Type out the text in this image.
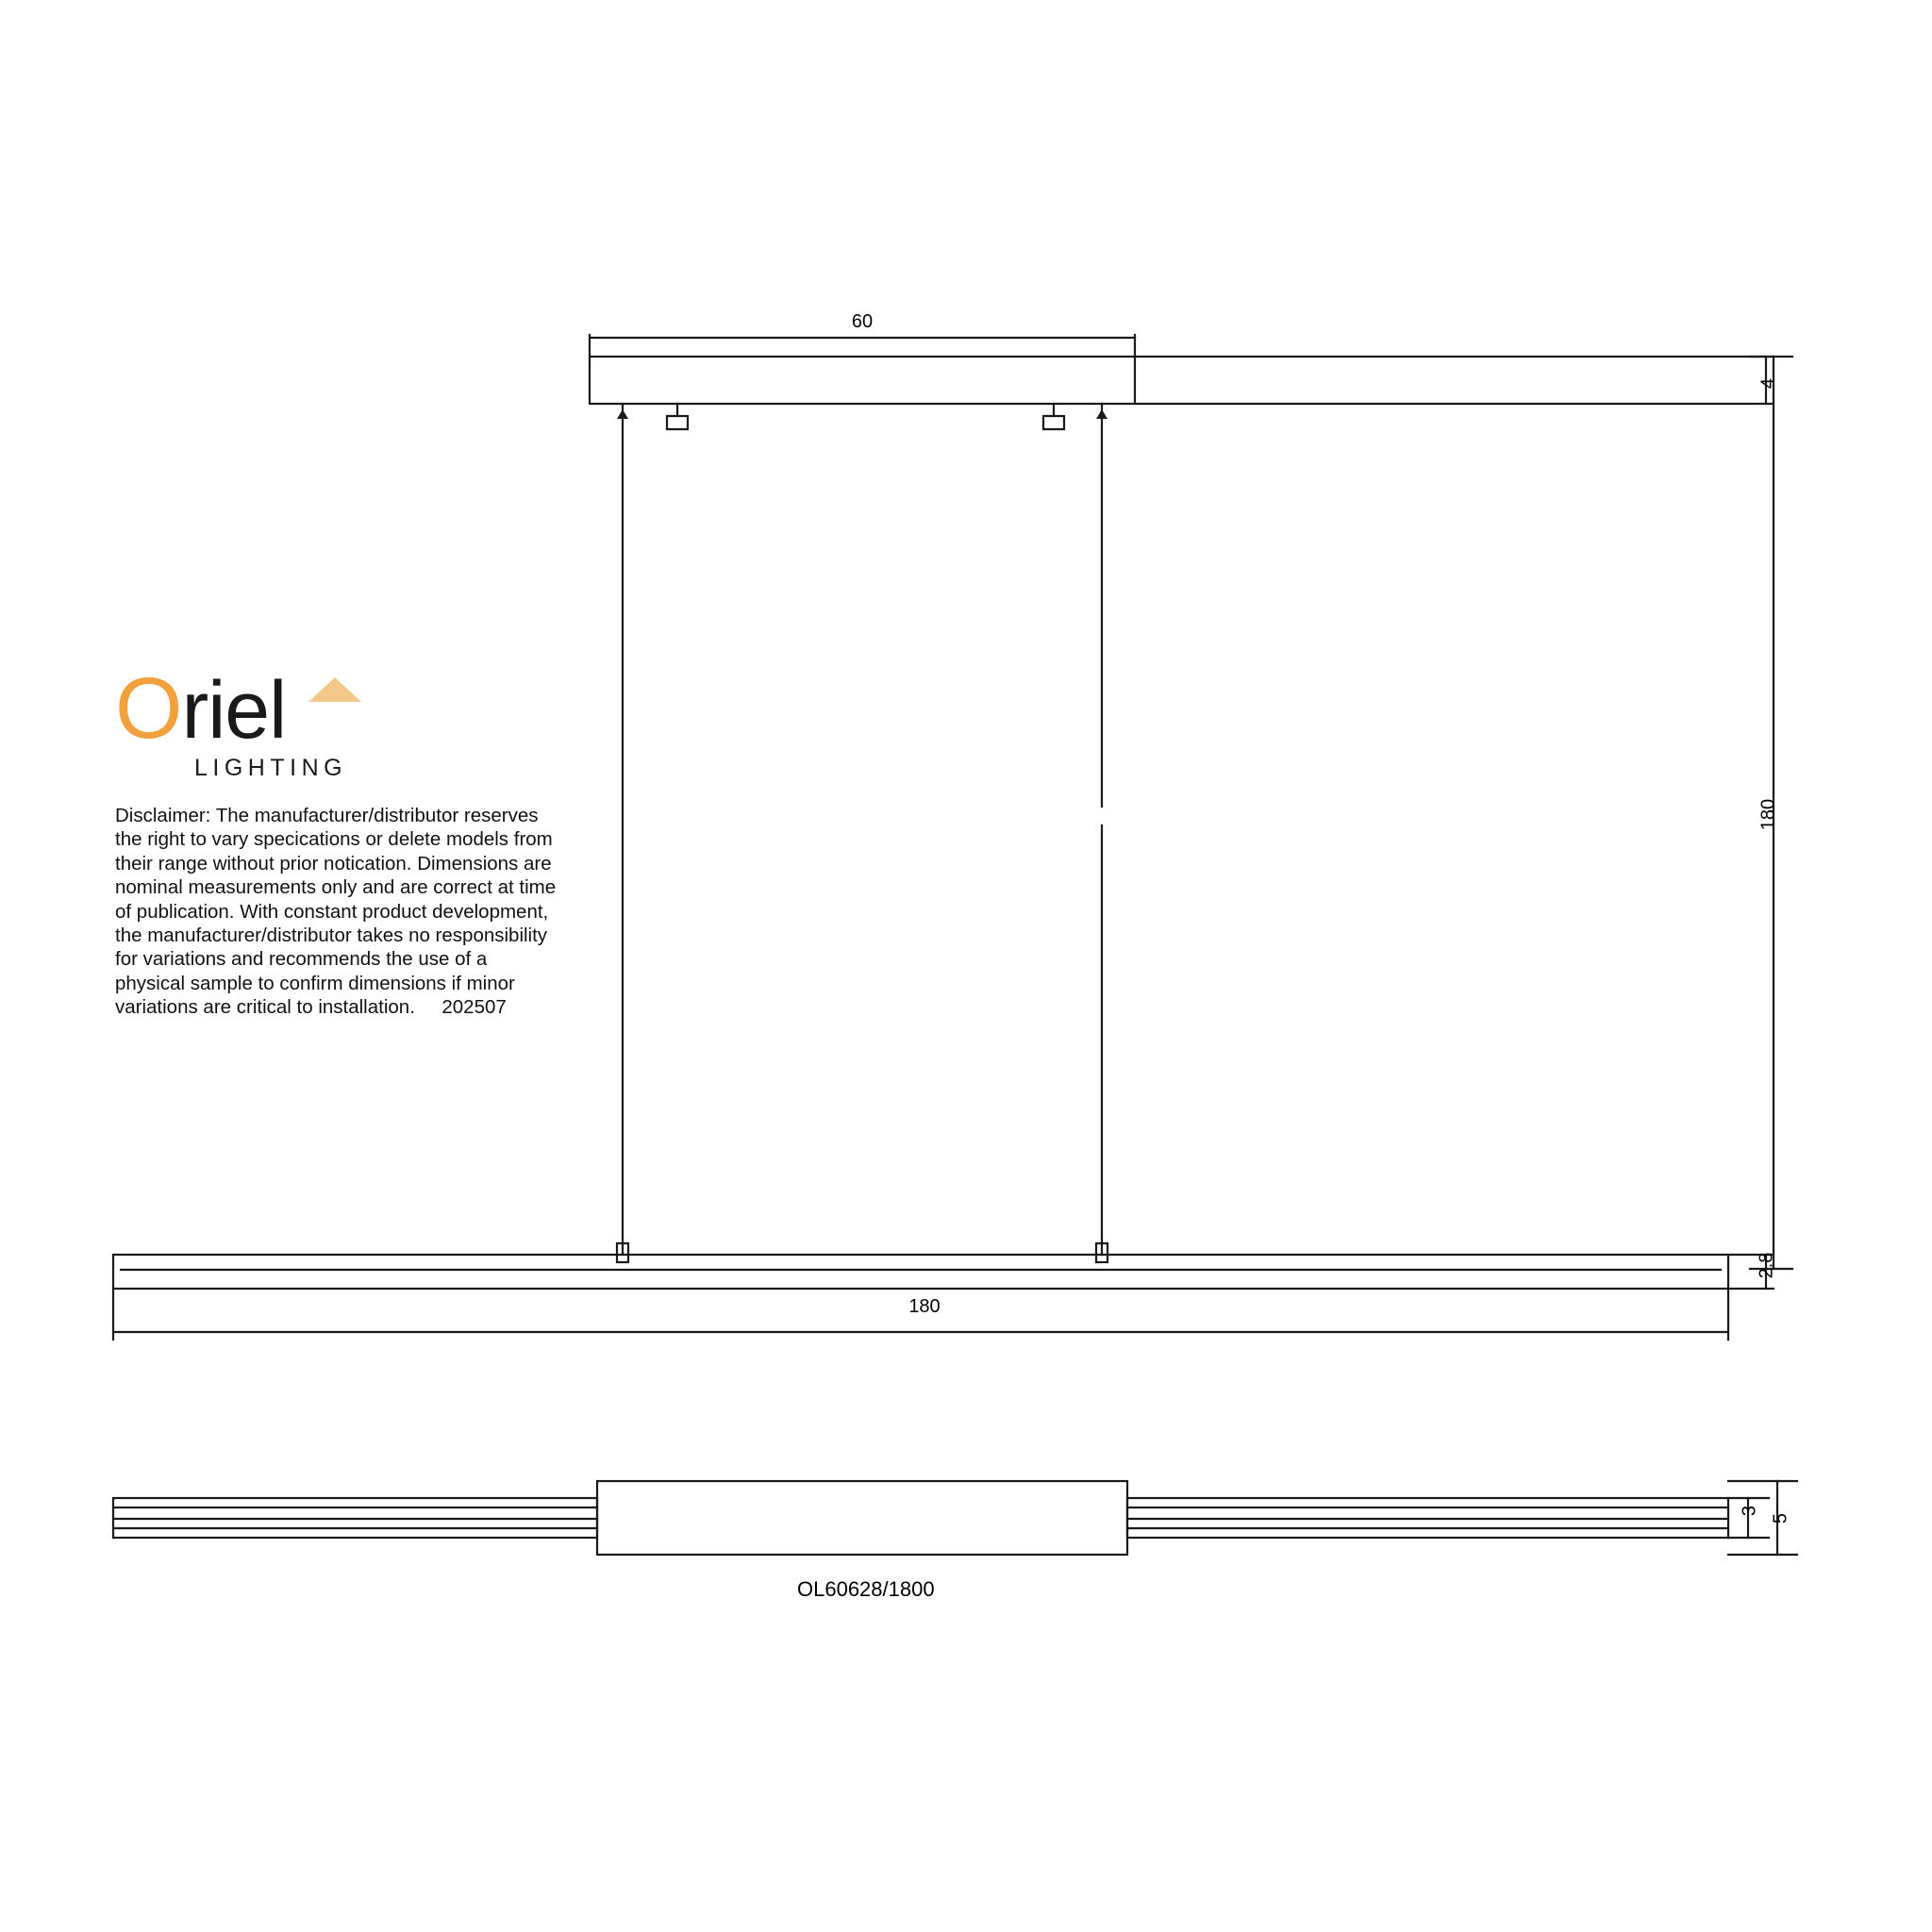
Oriel
LIGHTING
Disclaimer: The manufacturer/distributor reserves the right to vary specications or delete models from their range without prior notication. Dimensions are nominal measurements only and are correct at time of publication. With constant product development, the manufacturer/distributor takes no responsibility for variations and recommends the use of a physical sample to confirm dimensions if minor variations are critical to installation. 202507
60
4
180
2.8
180
3
5
OL60628/1800
